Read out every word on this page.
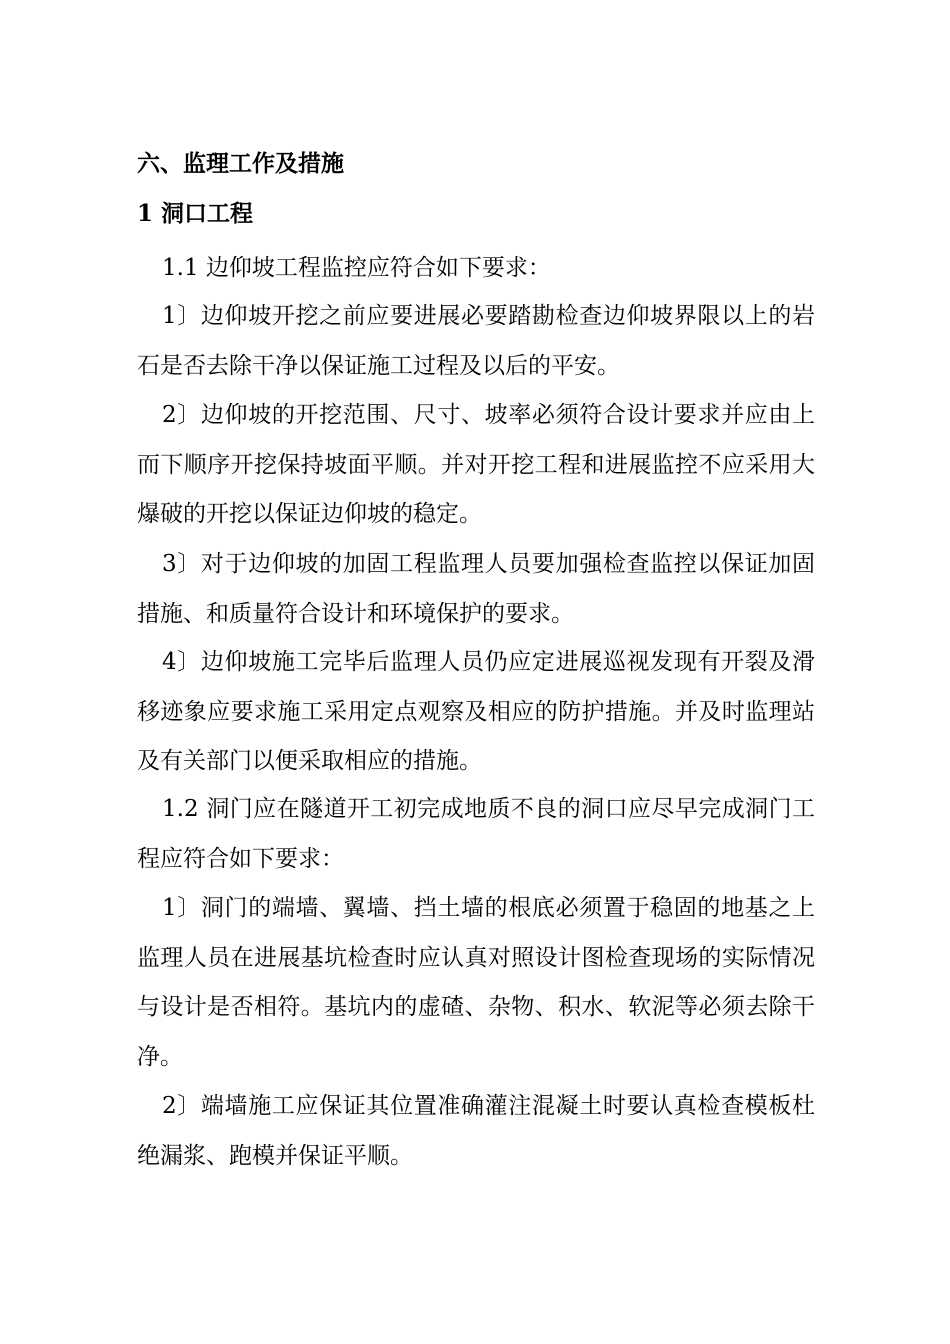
六、监理工作及措施
1 洞口工程

1.1 边仰坡工程监控应符合如下要求：

1〕边仰坡开挖之前应要进展必要踏勘检查边仰坡界限以上的岩石是否去除干净以保证施工过程及以后的平安。

2〕边仰坡的开挖范围、尺寸、坡率必须符合设计要求并应由上而下顺序开挖保持坡面平顺。并对开挖工程和进展监控不应采用大爆破的开挖以保证边仰坡的稳定。

3〕对于边仰坡的加固工程监理人员要加强检查监控以保证加固措施、和质量符合设计和环境保护的要求。

4〕边仰坡施工完毕后监理人员仍应定进展巡视发现有开裂及滑移迹象应要求施工采用定点观察及相应的防护措施。并及时监理站及有关部门以便采取相应的措施。

1.2 洞门应在隧道开工初完成地质不良的洞口应尽早完成洞门工程应符合如下要求：

1〕洞门的端墙、翼墙、挡土墙的根底必须置于稳固的地基之上监理人员在进展基坑检查时应认真对照设计图检查现场的实际情况与设计是否相符。基坑内的虚碴、杂物、积水、软泥等必须去除干净。

2〕端墙施工应保证其位置准确灌注混凝土时要认真检查模板杜绝漏浆、跑模并保证平顺。
